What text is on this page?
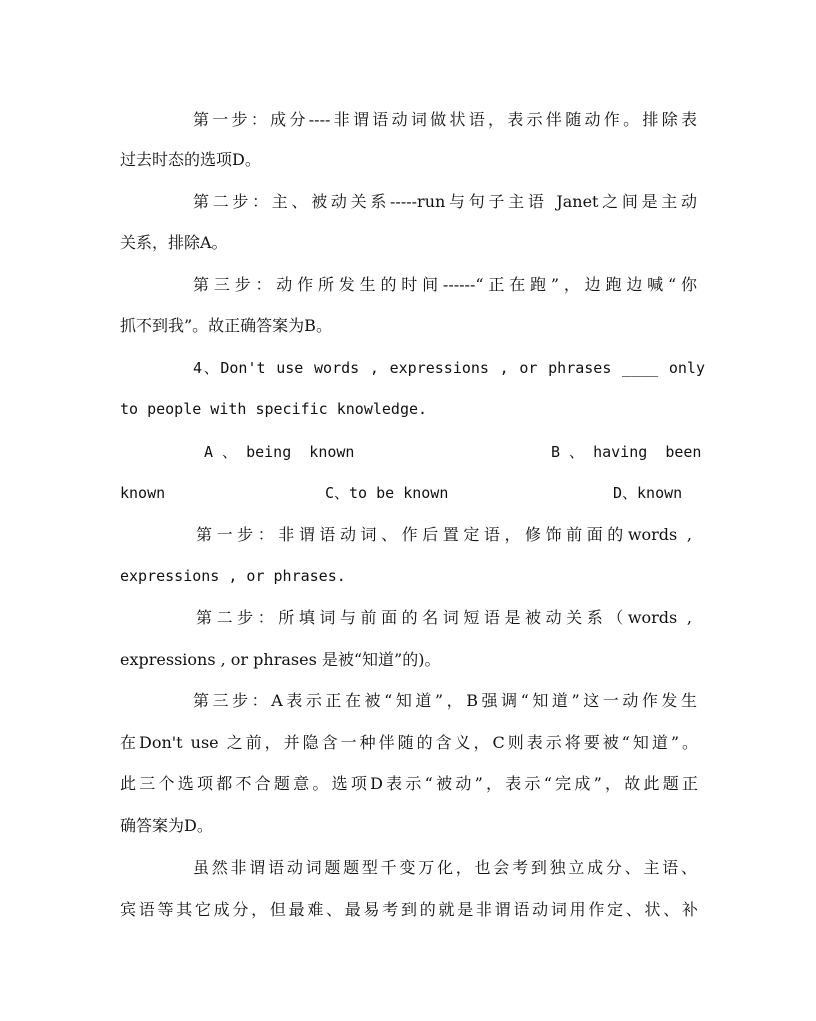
第一步：成分----非谓语动词做状语，表示伴随动作。排除表
过去时态的选项D。
第二步：主、被动关系-----run与句子主语 Janet之间是主动
关系，排除A。
第三步：动作所发生的时间------“正在跑”，边跑边喊“你
抓不到我”。故正确答案为B。
4、Don't use words , expressions , or phrases ____ only
to people with specific knowledge.
A 、 being  known	B 、 having  been
known	C、to be known	D、known
第一步：非谓语动词、作后置定语，修饰前面的words ,
expressions , or phrases.
第二步：所填词与前面的名词短语是被动关系（words ,
expressions , or phrases 是被“知道”的)。
第三步：A表示正在被“知道”，B强调“知道”这一动作发生
在Don't use 之前，并隐含一种伴随的含义，C则表示将要被“知道”。
此三个选项都不合题意。选项D表示“被动”，表示“完成”，故此题正
确答案为D。
虽然非谓语动词题题型千变万化，也会考到独立成分、主语、
宾语等其它成分，但最难、最易考到的就是非谓语动词用作定、状、补
